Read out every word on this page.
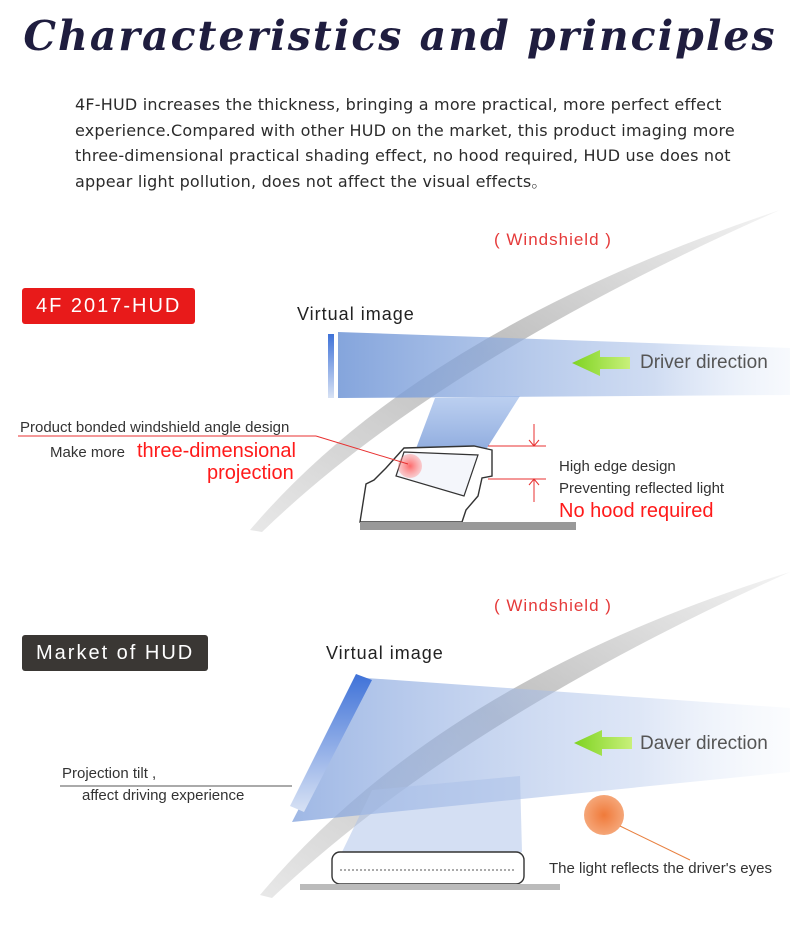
Characteristics and principles
4F-HUD increases the thickness, bringing a more practical, more perfect effect experience.Compared with other HUD on the market, this product imaging more three-dimensional practical shading effect, no hood required, HUD use does not appear light pollution, does not affect the visual effects。
( Windshield )
4F 2017-HUD	Virtual image
Driver direction
Product bonded windshield angle design
Make more three-dimensional
projection	High edge design
Preventing reflected light
No hood required
( Windshield )
Market of HUD	Virtual image
Daver direction
Projection tilt ,
affect driving experience
The light reflects the driver's eyes
